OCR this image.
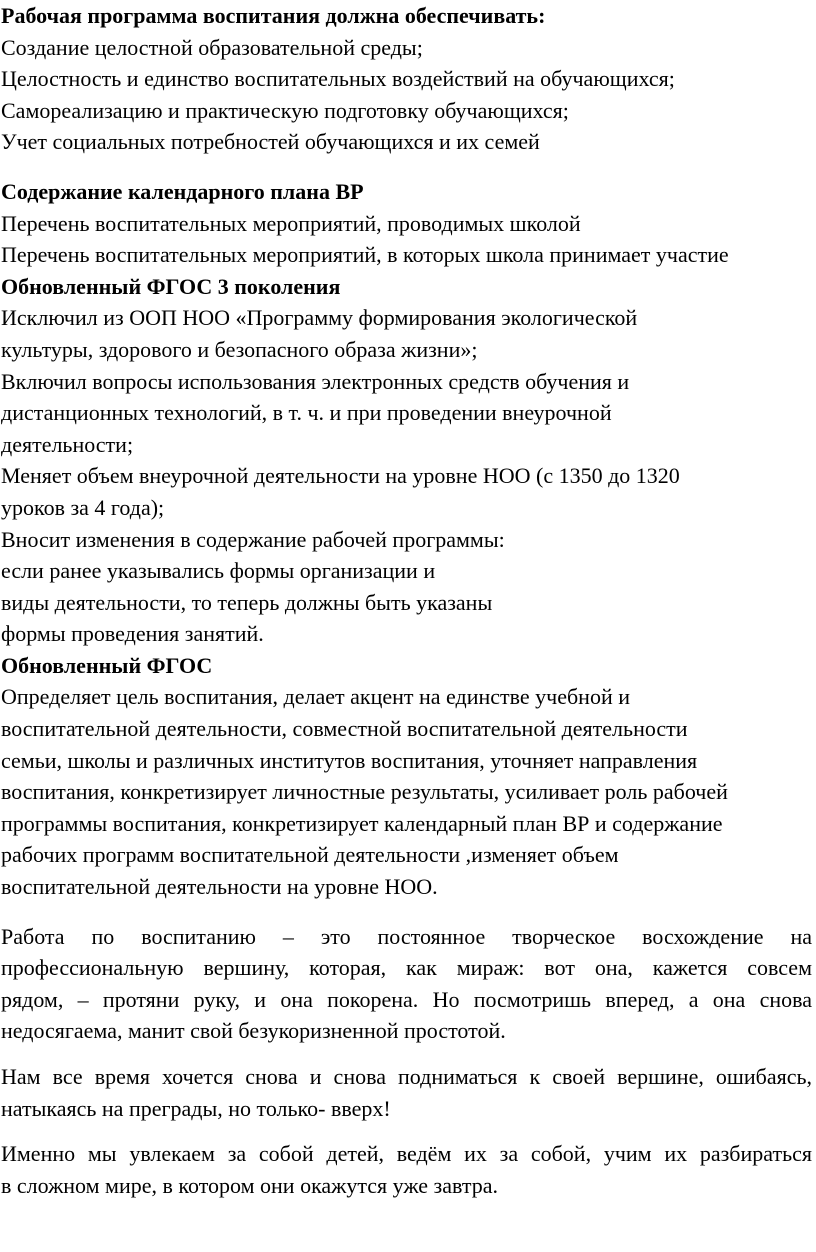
Рабочая программа воспитания должна обеспечивать:
Создание целостной образовательной среды;
Целостность и единство воспитательных воздействий на обучающихся;
Самореализацию и практическую подготовку обучающихся;
Учет социальных потребностей обучающихся и их семей
Содержание календарного плана ВР
Перечень воспитательных мероприятий, проводимых школой
Перечень воспитательных мероприятий, в которых школа принимает участие
Обновленный ФГОС 3 поколения
Исключил из ООП НОО «Программу формирования экологической
культуры, здорового и безопасного образа жизни»;
Включил вопросы использования электронных средств обучения и
дистанционных технологий, в т. ч. и при проведении внеурочной
деятельности;
Меняет объем внеурочной деятельности на уровне НОО (с 1350 до 1320
уроков за 4 года);
Вносит изменения в содержание рабочей программы:
если ранее указывались формы организации и
виды деятельности, то теперь должны быть указаны
формы проведения занятий.
Обновленный ФГОС
Определяет цель воспитания, делает акцент на единстве учебной и
воспитательной деятельности, совместной воспитательной деятельности
семьи, школы и различных институтов воспитания, уточняет направления
воспитания, конкретизирует личностные результаты, усиливает роль рабочей
программы воспитания, конкретизирует календарный план ВР и содержание
рабочих программ воспитательной деятельности ,изменяет объем
воспитательной деятельности на уровне НОО.
Работа по воспитанию – это постоянное творческое восхождение на
профессиональную вершину, которая, как мираж: вот она, кажется совсем
рядом, – протяни руку, и она покорена. Но посмотришь вперед, а она снова
недосягаема, манит свой безукоризненной простотой.
Нам все время хочется снова и снова подниматься к своей вершине, ошибаясь,
натыкаясь на преграды, но только- вверх!
Именно мы увлекаем за собой детей, ведём их за собой, учим их разбираться
в сложном мире, в котором они окажутся уже завтра.
